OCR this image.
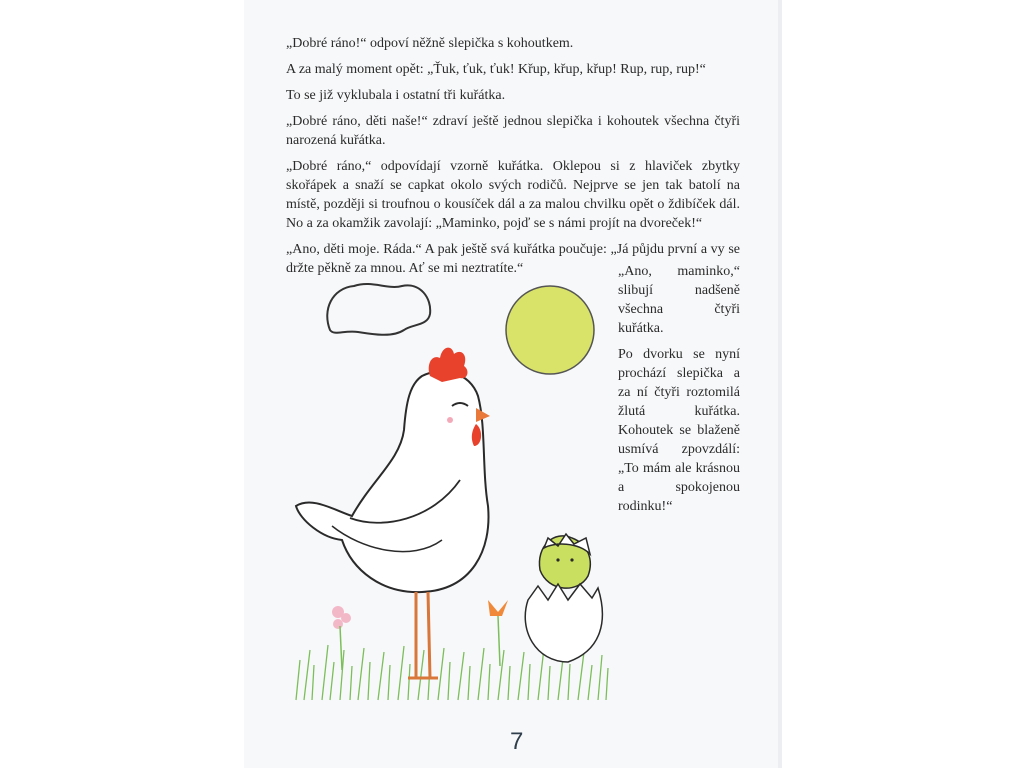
„Dobré ráno!“ odpoví něžně slepička s kohoutkem.

A za malý moment opět: „Ťuk, ťuk, ťuk! Křup, křup, křup! Rup, rup, rup!“

To se již vyklubala i ostatní tři kuřátka.

„Dobré ráno, děti naše!“ zdraví ještě jednou slepička i kohoutek všechna čtyři narozená kuřátka.

„Dobré ráno,“ odpovídají vzorně kuřátka. Oklepou si z hlaviček zbytky skořápek a snaží se capkat okolo svých rodičů. Nejprve se jen tak batolí na místě, později si troufnou o kousíček dál a za malou chvilku opět o ždibíček dál. No a za okamžik zavolají: „Maminko, pojď se s námi projít na dvoreček!“

„Ano, děti moje. Ráda.“ A pak ještě svá kuřátka poučuje: „Já půjdu první a vy se držte pěkně za mnou. Ať se mi neztratíte.“	„Ano, maminko,“ slibují nadšeně všechna čtyři kuřátka.

Po dvorku se nyní prochází slepička a za ní čtyři roztomilá žlutá kuřátka. Kohoutek se blaženě usmívá zpovzdálí: „To mám ale krásnou a spokojenou rodinku!“

7
